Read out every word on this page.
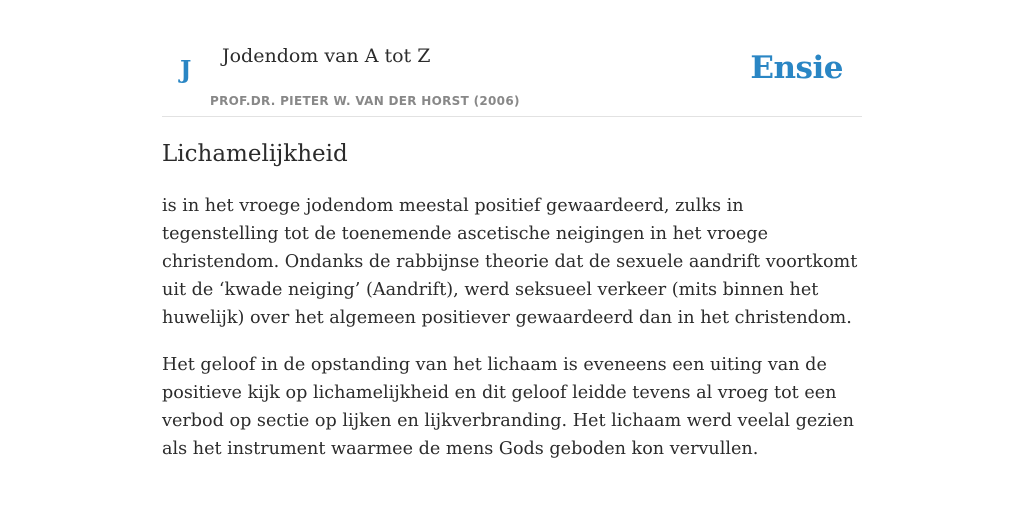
J Jodendom van A tot Z
PROF.DR. PIETER W. VAN DER HORST (2006)
Ensie
Lichamelijkheid

is in het vroege jodendom meestal positief gewaardeerd, zulks in tegenstelling tot de toenemende ascetische neigingen in het vroege christendom. Ondanks de rabbijnse theorie dat de sexuele aandrift voortkomt uit de ‘kwade neiging’ (Aandrift), werd seksueel verkeer (mits binnen het huwelijk) over het algemeen positiever gewaardeerd dan in het christendom.

Het geloof in de opstanding van het lichaam is eveneens een uiting van de positieve kijk op lichamelijkheid en dit geloof leidde tevens al vroeg tot een verbod op sectie op lijken en lijkverbranding. Het lichaam werd veelal gezien als het instrument waarmee de mens Gods geboden kon vervullen.
